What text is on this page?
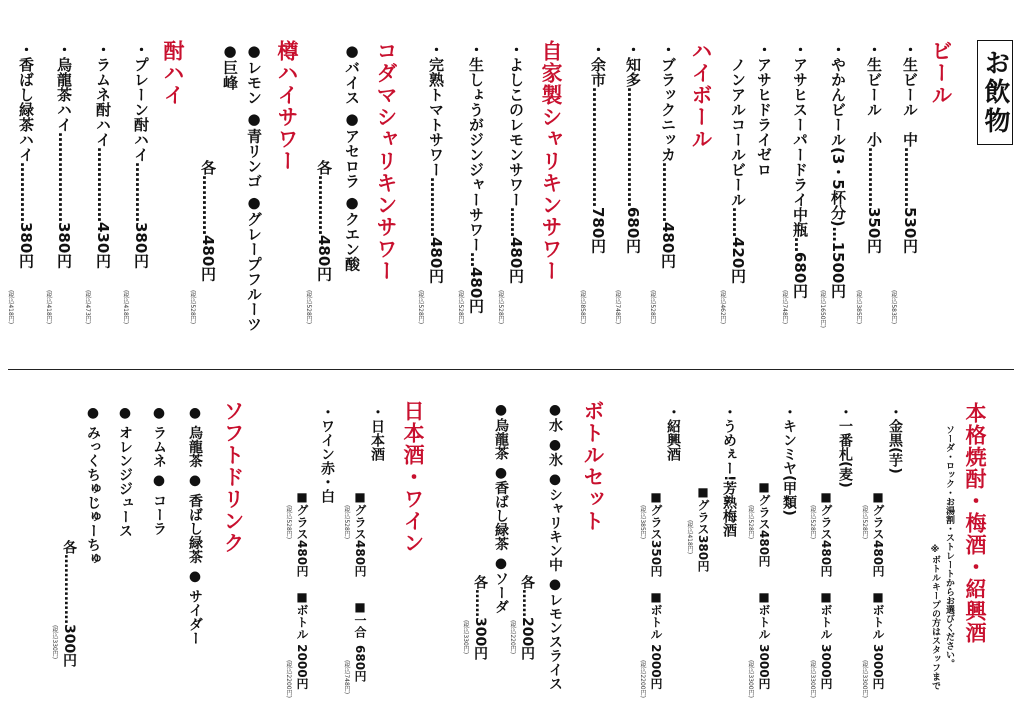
お飲物
ビール
・生ビール　中…………530円
(税込583円)
・生ビール　小…………350円
(税込385円)
・やかんビール(3・5杯分)…1500円
(税込1650円)
・アサヒスーパードライ中瓶…680円
(税込748円)
・アサヒドライゼロ
　ノンアルコールビール……420円
(税込462円)
ハイボール
・ブラックニッカ…………480円
(税込528円)
・知多……………………680円
(税込748円)
・余市……………………780円
(税込858円)
自家製シャリキンサワー
・よしこのレモンサワー……480円
(税込528円)
・生しょうがジンジャーサワー…480円
(税込528円)
・完熟トマトサワー…………480円
(税込528円)
コダマシャリキンサワー
●バイス ●アセロラ ●クエン酸
各…………480円
(税込528円)
樽ハイサワー
●レモン ●青リンゴ ●グレープフルーツ
●巨峰
各…………480円
(税込528円)
酎ハイ
・プレーン酎ハイ…………380円
(税込418円)
・ラムネ酎ハイ……………430円
(税込473円)
・烏龍茶ハイ………………380円
(税込418円)
・香ばし緑茶ハイ…………380円
(税込418円)
本格焼酎・梅酒・紹興酒
ソーダ・ロック・お湯割・ストレートからお選びください。
※ボトルキープの方はスタッフまで
・金黒(芋)
■グラス480円
(税込528円)
■ボトル 3000円
(税込3300円)
・一番札(麦)
■グラス480円
(税込528円)
■ボトル 3000円
(税込3300円)
・キンミヤ(甲類)
■グラス480円
(税込528円)
■ボトル 3000円
(税込3300円)
・うめぇー!芳熟梅酒
■グラス380円
(税込418円)
・紹興酒
■グラス350円
(税込385円)
■ボトル 2000円
(税込2200円)
ボトルセット
●水 ●氷 ●シャリキン中 ●レモンスライス
各……200円
(税込220円)
●烏龍茶 ●香ばし緑茶 ●ソーダ
各……300円
(税込330円)
日本酒・ワイン
・日本酒
■グラス480円
(税込528円)
■一合
680円
(税込748円)
・ワイン赤・白
■グラス480円
(税込528円)
■ボトル 2000円
(税込2200円)
ソフトドリンク
● 烏龍茶 ● 香ばし緑茶 ● サイダー
● ラムネ ● コーラ
● オレンジジュース
● みっくちゅじゅーちゅ
各……………300円
(税込330円)
